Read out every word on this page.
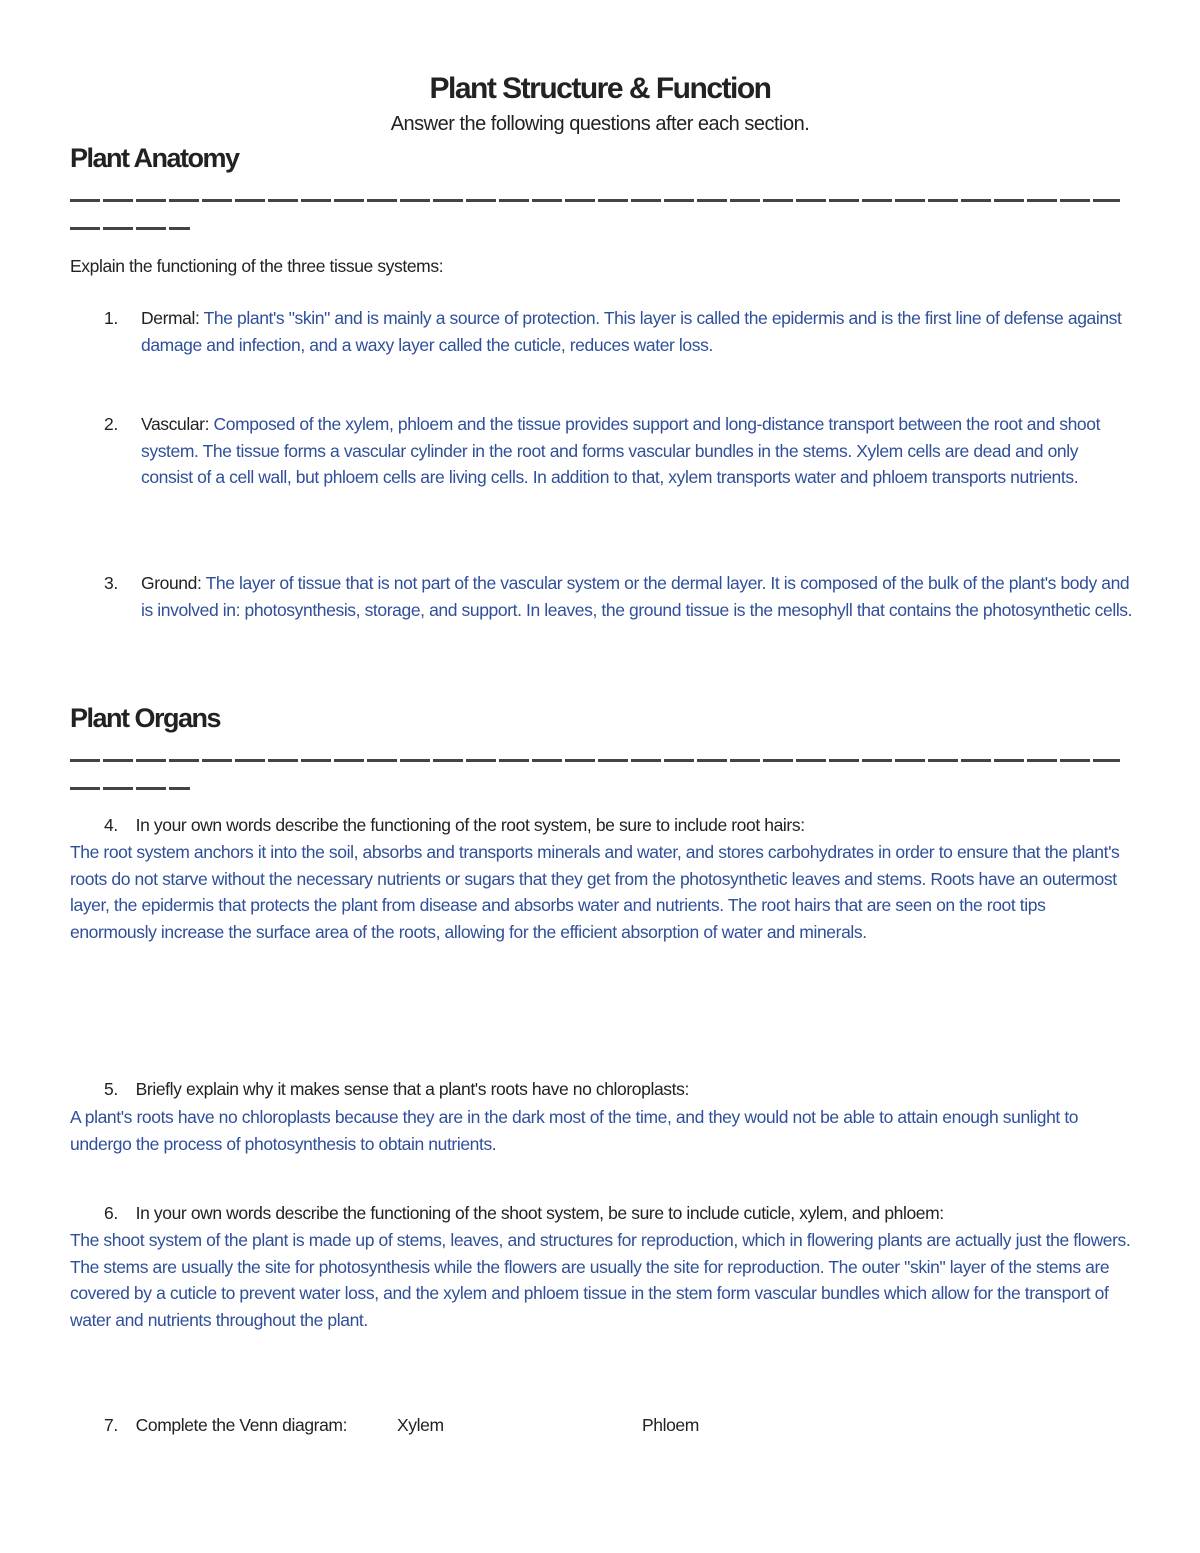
Plant Structure & Function
Answer the following questions after each section.
Plant Anatomy
Explain the functioning of the three tissue systems:
1.	Dermal: The plant's "skin" and is mainly a source of protection. This layer is called the epidermis and is the first line of defense against damage and infection, and a waxy layer called the cuticle, reduces water loss.
2.	Vascular: Composed of the xylem, phloem and the tissue provides support and long-distance transport between the root and shoot system. The tissue forms a vascular cylinder in the root and forms vascular bundles in the stems. Xylem cells are dead and only consist of a cell wall, but phloem cells are living cells. In addition to that, xylem transports water and phloem transports nutrients.
3.	Ground: The layer of tissue that is not part of the vascular system or the dermal layer. It is composed of the bulk of the plant's body and is involved in: photosynthesis, storage, and support. In leaves, the ground tissue is the mesophyll that contains the photosynthetic cells.
Plant Organs
4. In your own words describe the functioning of the root system, be sure to include root hairs:
The root system anchors it into the soil, absorbs and transports minerals and water, and stores carbohydrates in order to ensure that the plant's roots do not starve without the necessary nutrients or sugars that they get from the photosynthetic leaves and stems. Roots have an outermost layer, the epidermis that protects the plant from disease and absorbs water and nutrients. The root hairs that are seen on the root tips enormously increase the surface area of the roots, allowing for the efficient absorption of water and minerals.
5. Briefly explain why it makes sense that a plant's roots have no chloroplasts:
A plant's roots have no chloroplasts because they are in the dark most of the time, and they would not be able to attain enough sunlight to undergo the process of photosynthesis to obtain nutrients.
6. In your own words describe the functioning of the shoot system, be sure to include cuticle, xylem, and phloem:
The shoot system of the plant is made up of stems, leaves, and structures for reproduction, which in flowering plants are actually just the flowers. The stems are usually the site for photosynthesis while the flowers are usually the site for reproduction. The outer "skin" layer of the stems are covered by a cuticle to prevent water loss, and the xylem and phloem tissue in the stem form vascular bundles which allow for the transport of water and nutrients throughout the plant.
7. Complete the Venn diagram:	Xylem	Phloem
